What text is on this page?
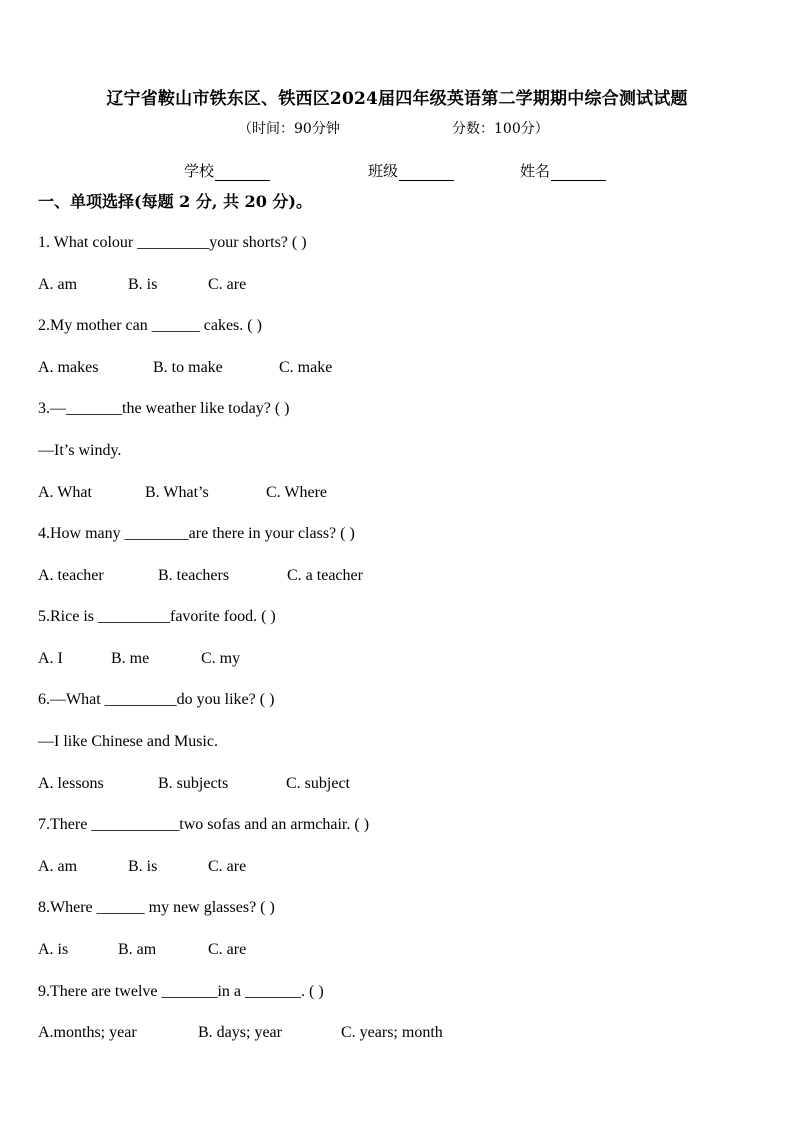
辽宁省鞍山市铁东区、铁西区2024届四年级英语第二学期期中综合测试试题
（时间：90分钟	分数：100分）
学校	班级	姓名
一、单项选择(每题 2 分, 共 20 分)。
1. What colour _________your shorts? ( )
A. am	B. is	C. are
2.My mother can ______ cakes. ( )
A. makes	B. to make	C. make
3.—_______the weather like today? ( )
—It’s windy.
A. What	B. What’s	C. Where
4.How many ________are there in your class? ( )
A. teacher	B. teachers	C. a teacher
5.Rice is _________favorite food. ( )
A. I	B. me	C. my
6.—What _________do you like? ( )
—I like Chinese and Music.
A. lessons	B. subjects	C. subject
7.There ___________two sofas and an armchair. ( )
A. am	B. is	C. are
8.Where ______ my new glasses? ( )
A. is	B. am	C. are
9.There are twelve _______in a _______. ( )
A.months; year	B. days; year	C. years; month
